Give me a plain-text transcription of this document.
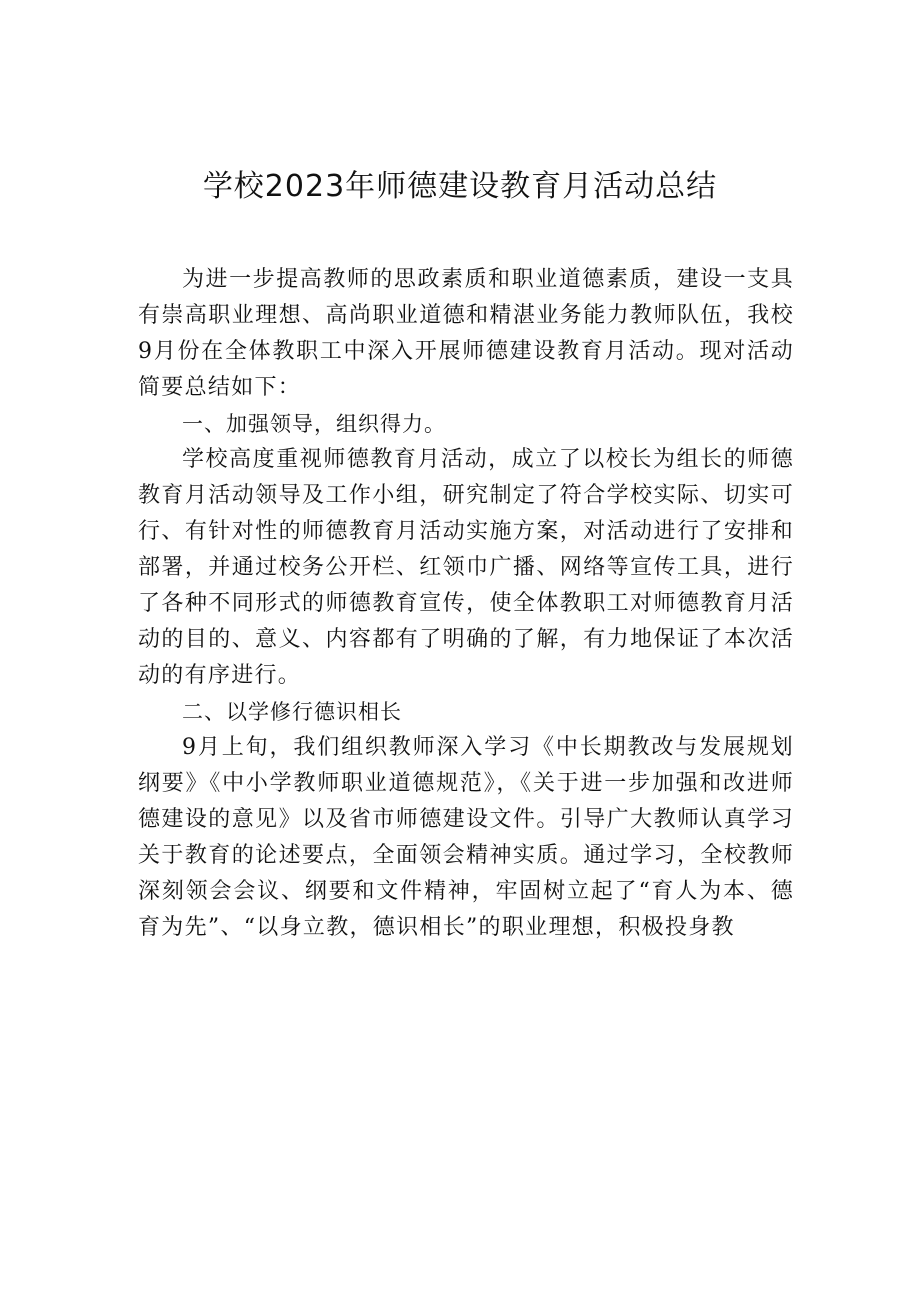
学校2023年师德建设教育月活动总结

为进一步提高教师的思政素质和职业道德素质，建设一支具有崇高职业理想、高尚职业道德和精湛业务能力教师队伍，我校9月份在全体教职工中深入开展师德建设教育月活动。现对活动简要总结如下：

一、加强领导，组织得力。

学校高度重视师德教育月活动，成立了以校长为组长的师德教育月活动领导及工作小组，研究制定了符合学校实际、切实可行、有针对性的师德教育月活动实施方案，对活动进行了安排和部署，并通过校务公开栏、红领巾广播、网络等宣传工具，进行了各种不同形式的师德教育宣传，使全体教职工对师德教育月活动的目的、意义、内容都有了明确的了解，有力地保证了本次活动的有序进行。

二、以学修行德识相长

9月上旬，我们组织教师深入学习《中长期教改与发展规划纲要》《中小学教师职业道德规范》，《关于进一步加强和改进师德建设的意见》以及省市师德建设文件。引导广大教师认真学习关于教育的论述要点，全面领会精神实质。通过学习，全校教师深刻领会会议、纲要和文件精神，牢固树立起了“育人为本、德育为先”、“以身立教，德识相长”的职业理想，积极投身教
